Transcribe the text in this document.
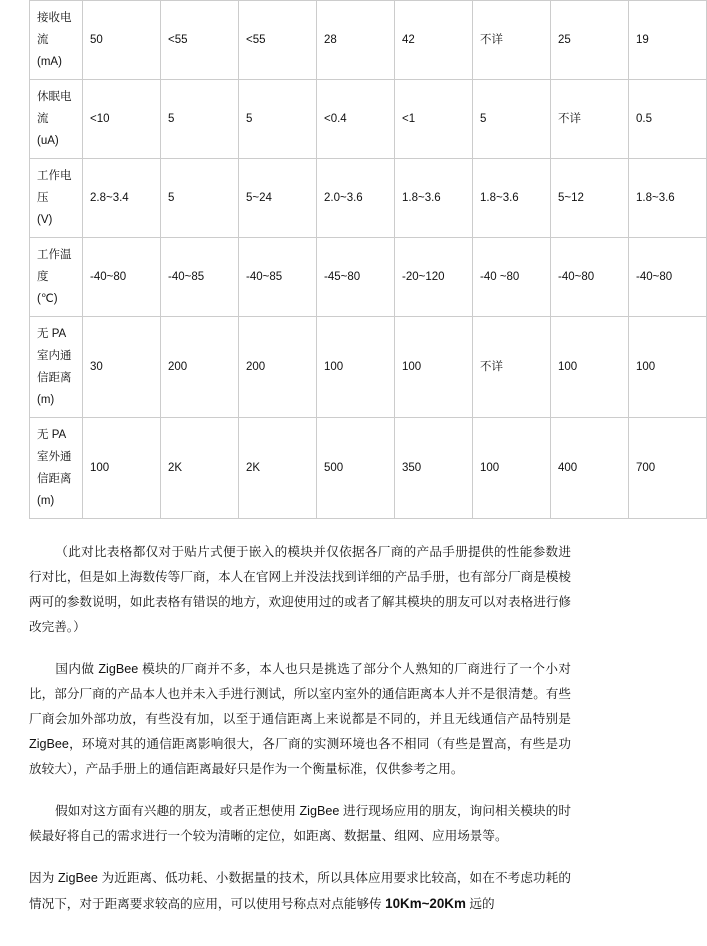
接收电
流
(mA)	50	<55	<55	28	42	不详	25	19

休眠电
流
(uA)	<10	5	5	<0.4	<1	5	不详	0.5

工作电
压
(V)	2.8~3.4	5	5~24	2.0~3.6	1.8~3.6	1.8~3.6	5~12	1.8~3.6

工作温
度
(℃)	-40~80	-40~85	-40~85	-45~80	-20~120	-40 ~80	-40~80	-40~80

无 PA
室内通
信距离
(m)	30	200	200	100	100	不详	100	100

无 PA
室外通
信距离
(m)	100	2K	2K	500	350	100	400	700

（此对比表格都仅对于贴片式便于嵌入的模块并仅依据各厂商的产品手册提供的性能参数进行对比，但是如上海数传等厂商，本人在官网上并没法找到详细的产品手册，也有部分厂商是模棱两可的参数说明，如此表格有错误的地方，欢迎使用过的或者了解其模块的朋友可以对表格进行修改完善。）

国内做 ZigBee 模块的厂商并不多，本人也只是挑选了部分个人熟知的厂商进行了一个小对比，部分厂商的产品本人也并未入手进行测试，所以室内室外的通信距离本人并不是很清楚。有些厂商会加外部功放，有些没有加，以至于通信距离上来说都是不同的，并且无线通信产品特别是 ZigBee，环境对其的通信距离影响很大，各厂商的实测环境也各不相同（有些是置高，有些是功放较大），产品手册上的通信距离最好只是作为一个衡量标准，仅供参考之用。

假如对这方面有兴趣的朋友，或者正想使用 ZigBee 进行现场应用的朋友，询问相关模块的时候最好将自己的需求进行一个较为清晰的定位，如距离、数据量、组网、应用场景等。

因为 ZigBee 为近距离、低功耗、小数据量的技术，所以具体应用要求比较高，如在不考虑功耗的情况下，对于距离要求较高的应用，可以使用号称点对点能够传 10Km~20Km 远的
